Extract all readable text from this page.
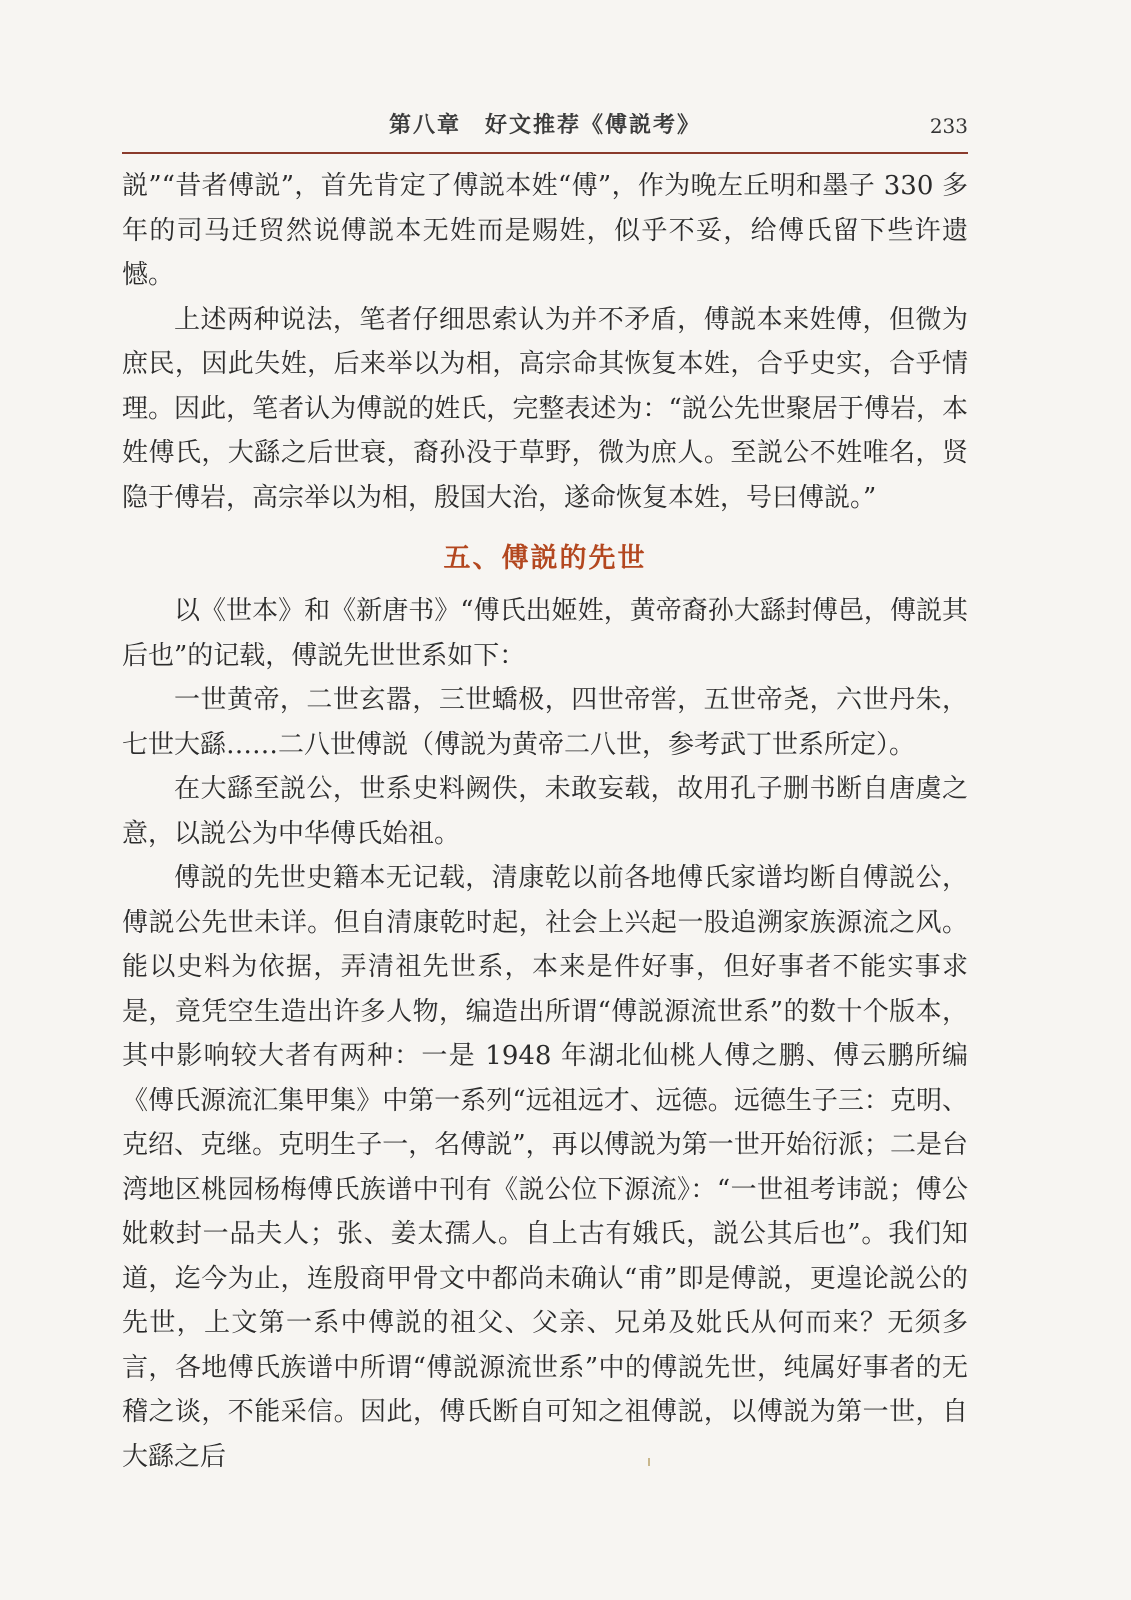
第八章　好文推荐《傅説考》	233

説”“昔者傅説”，首先肯定了傅説本姓“傅”，作为晚左丘明和墨子 330 多年的司马迁贸然说傅説本无姓而是赐姓，似乎不妥，给傅氏留下些许遗憾。

上述两种说法，笔者仔细思索认为并不矛盾，傅説本来姓傅，但微为庶民，因此失姓，后来举以为相，高宗命其恢复本姓，合乎史实，合乎情理。因此，笔者认为傅説的姓氏，完整表述为：“説公先世聚居于傅岩，本姓傅氏，大繇之后世衰，裔孙没于草野，微为庶人。至説公不姓唯名，贤隐于傅岩，高宗举以为相，殷国大治，遂命恢复本姓，号曰傅説。”

五、傅説的先世

以《世本》和《新唐书》“傅氏出姬姓，黄帝裔孙大繇封傅邑，傅説其后也”的记载，傅説先世世系如下：

一世黄帝，二世玄嚣，三世蟜极，四世帝喾，五世帝尧，六世丹朱，七世大繇……二八世傅説（傅説为黄帝二八世，参考武丁世系所定）。

在大繇至説公，世系史料阙佚，未敢妄载，故用孔子删书断自唐虞之意，以説公为中华傅氏始祖。

傅説的先世史籍本无记载，清康乾以前各地傅氏家谱均断自傅説公，傅説公先世未详。但自清康乾时起，社会上兴起一股追溯家族源流之风。能以史料为依据，弄清祖先世系，本来是件好事，但好事者不能实事求是，竟凭空生造出许多人物，编造出所谓“傅説源流世系”的数十个版本，其中影响较大者有两种：一是 1948 年湖北仙桃人傅之鹏、傅云鹏所编《傅氏源流汇集甲集》中第一系列“远祖远才、远德。远德生子三：克明、克绍、克继。克明生子一，名傅説”，再以傅説为第一世开始衍派；二是台湾地区桃园杨梅傅氏族谱中刊有《説公位下源流》：“一世祖考讳説；傅公妣敕封一品夫人；张、姜太孺人。自上古有娥氏，説公其后也”。我们知道，迄今为止，连殷商甲骨文中都尚未确认“甫”即是傅説，更遑论説公的先世，上文第一系中傅説的祖父、父亲、兄弟及妣氏从何而来？无须多言，各地傅氏族谱中所谓“傅説源流世系”中的傅説先世，纯属好事者的无稽之谈，不能采信。因此，傅氏断自可知之祖傅説，以傅説为第一世，自大繇之后
